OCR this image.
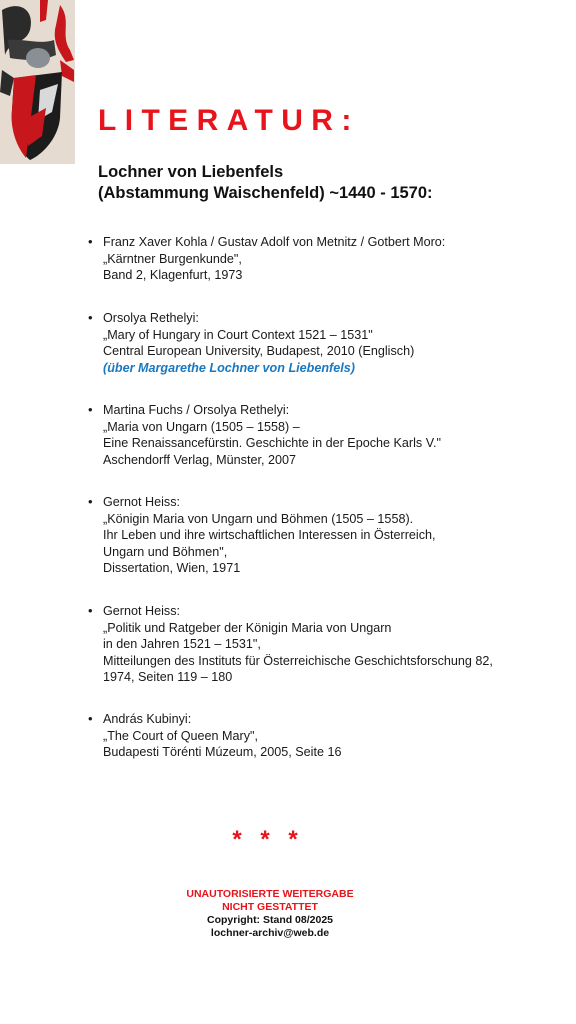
LITERATUR:
Lochner von Liebenfels
(Abstammung Waischenfeld) ~1440 - 1570:
• Franz Xaver Kohla / Gustav Adolf von Metnitz / Gotbert Moro:
„Kärntner Burgenkunde",
Band 2, Klagenfurt, 1973
• Orsolya Rethelyi:
„Mary of Hungary in Court Context 1521 – 1531"
Central European University, Budapest, 2010 (Englisch)
(über Margarethe Lochner von Liebenfels)
• Martina Fuchs / Orsolya Rethelyi:
„Maria von Ungarn (1505 – 1558) –
Eine Renaissancefürstin. Geschichte in der Epoche Karls V."
Aschendorff Verlag, Münster, 2007
• Gernot Heiss:
„Königin Maria von Ungarn und Böhmen (1505 – 1558).
Ihr Leben und ihre wirtschaftlichen Interessen in Österreich,
Ungarn und Böhmen",
Dissertation, Wien, 1971
• Gernot Heiss:
„Politik und Ratgeber der Königin Maria von Ungarn
in den Jahren 1521 – 1531",
Mitteilungen des Instituts für Österreichische Geschichtsforschung 82,
1974, Seiten 119 – 180
• András Kubinyi:
„The Court of Queen Mary",
Budapesti Törénti Múzeum, 2005, Seite 16
* * *
UNAUTORISIERTE WEITERGABE
NICHT GESTATTET
Copyright: Stand 08/2025
lochner-archiv@web.de
